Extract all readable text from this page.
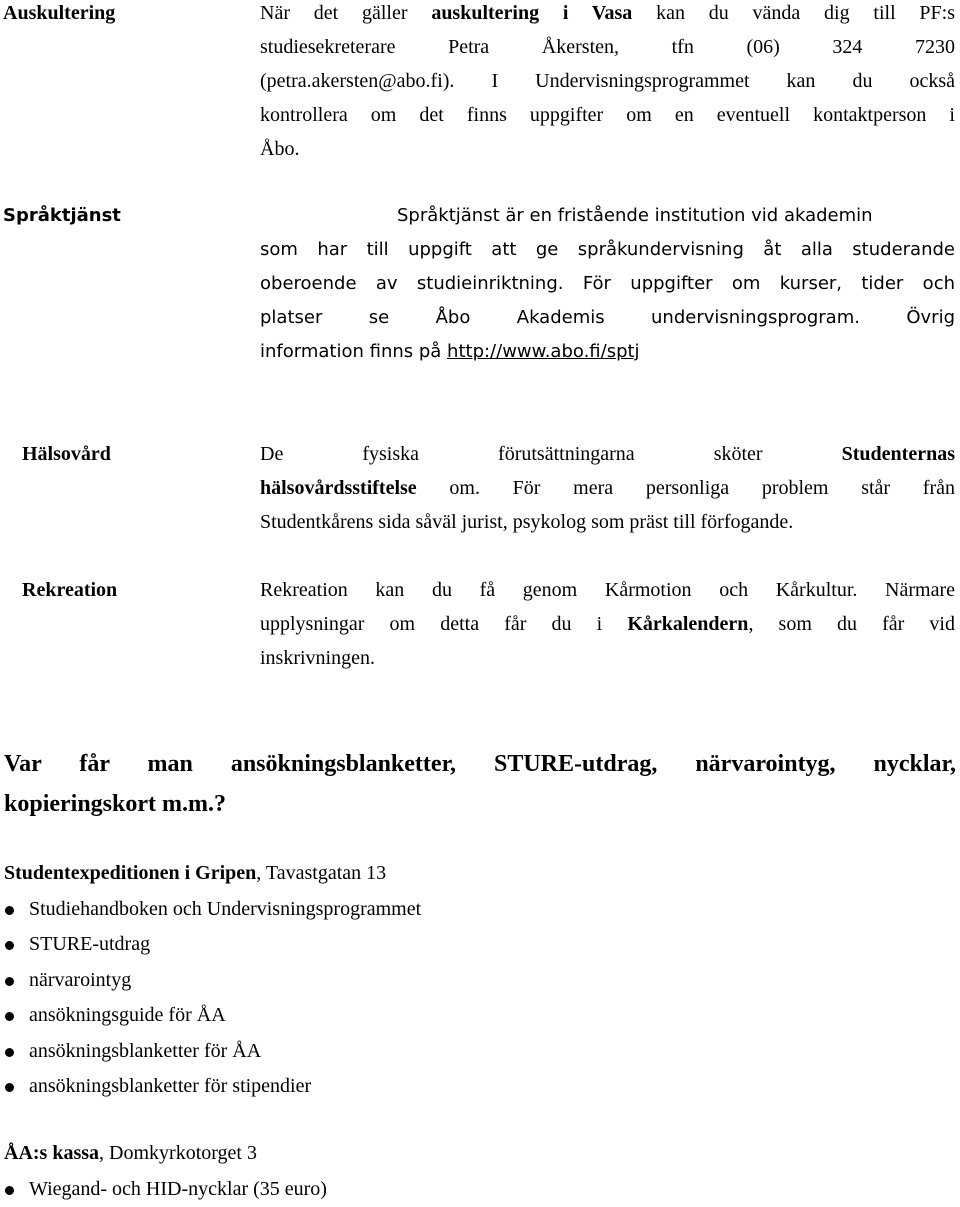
Auskultering	När det gäller auskultering i Vasa kan du vända dig till PF:s
studiesekreterare Petra Åkersten, tfn (06) 324 7230
(petra.akersten@abo.fi). I Undervisningsprogrammet kan du också
kontrollera om det finns uppgifter om en eventuell kontaktperson i
Åbo.
Språktjänst	Språktjänst är en fristående institution vid akademin
som har till uppgift att ge språkundervisning åt alla studerande
oberoende av studieinriktning. För uppgifter om kurser, tider och
platser se Åbo Akademis undervisningsprogram. Övrig
information finns på http://www.abo.fi/sptj
Hälsovård	De fysiska förutsättningarna sköter Studenternas
hälsovårdsstiftelse om. För mera personliga problem står från
Studentkårens sida såväl jurist, psykolog som präst till förfogande.
Rekreation	Rekreation kan du få genom Kårmotion och Kårkultur. Närmare
upplysningar om detta får du i Kårkalendern, som du får vid
inskrivningen.
Var får man ansökningsblanketter, STURE-utdrag, närvarointyg, nycklar,
kopieringskort m.m.?
Studentexpeditionen i Gripen, Tavastgatan 13
Studiehandboken och Undervisningsprogrammet
STURE-utdrag
närvarointyg
ansökningsguide för ÅA
ansökningsblanketter för ÅA
ansökningsblanketter för stipendier
ÅA:s kassa, Domkyrkotorget 3
Wiegand- och HID-nycklar (35 euro)
